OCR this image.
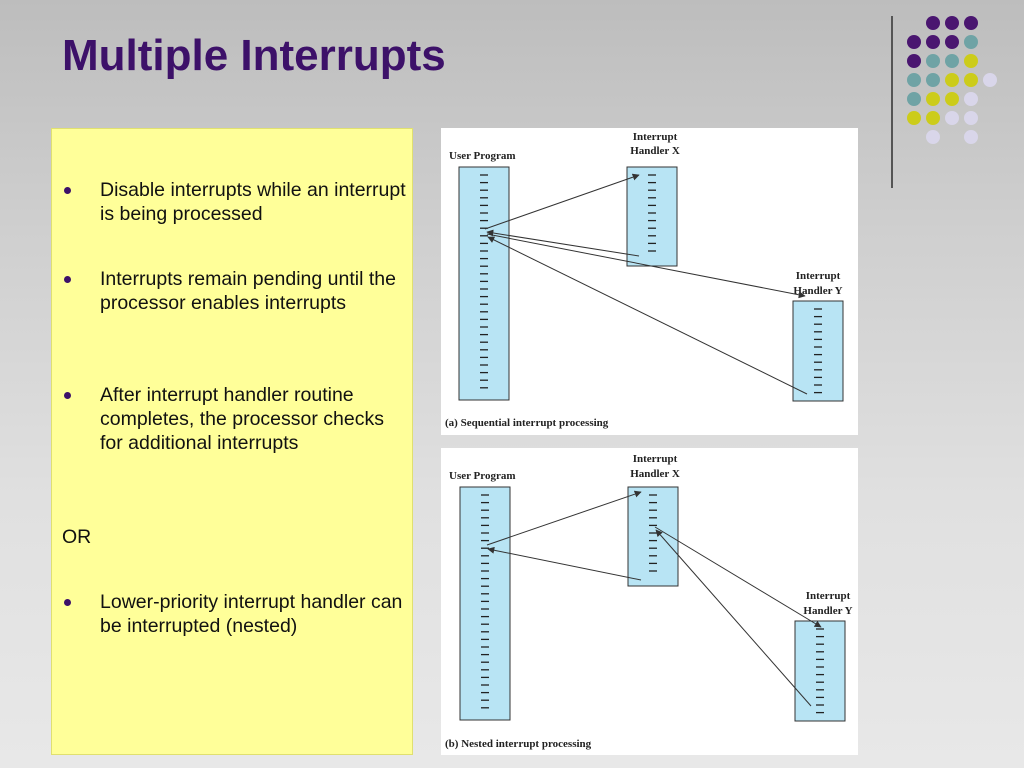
Multiple Interrupts
Disable interrupts while an interrupt is being processed
Interrupts remain pending until the processor enables interrupts
After interrupt handler routine completes, the processor checks for additional interrupts
OR
Lower-priority interrupt handler can be interrupted (nested)
User Program
Interrupt
Handler X
Interrupt
Handler Y
(a) Sequential interrupt processing
User Program
Interrupt
Handler X
Interrupt
Handler Y
(b) Nested interrupt processing
